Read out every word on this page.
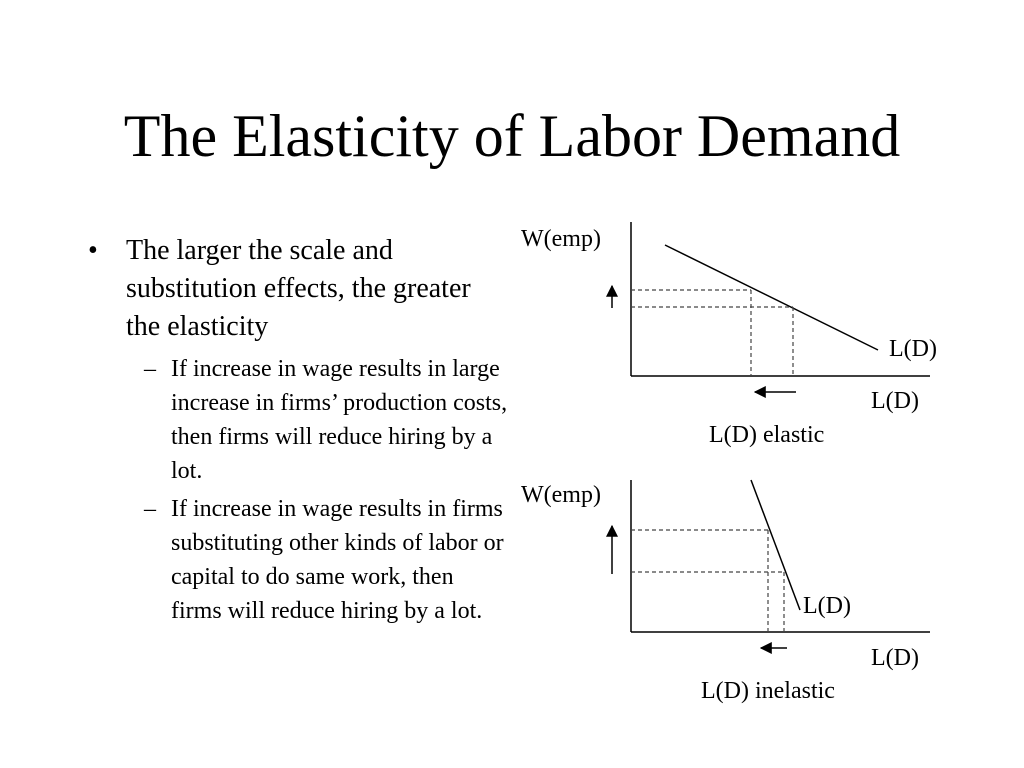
The Elasticity of Labor Demand
• The larger the scale and substitution effects, the greater the elasticity
– If increase in wage results in large increase in firms’ production costs, then firms will reduce hiring by a lot.
– If increase in wage results in firms substituting other kinds of labor or capital to do same work, then firms will reduce hiring by a lot.
W(emp)
L(D)
L(D)
L(D) elastic
W(emp)
L(D)
L(D)
L(D) inelastic
